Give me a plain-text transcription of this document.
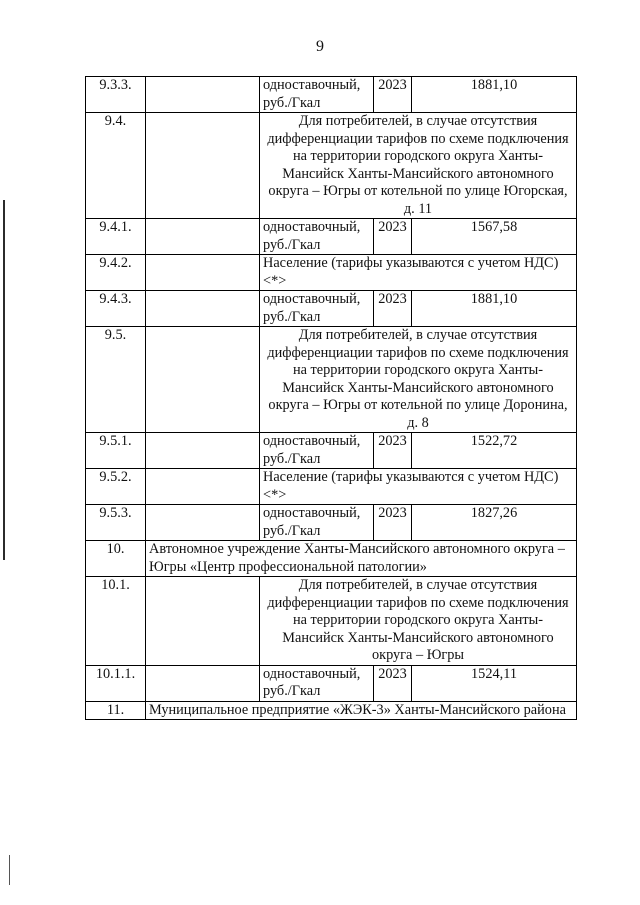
9
9.3.3.		одноставочный, руб./Гкал	2023	1881,10
9.4.		Для потребителей, в случае отсутствия дифференциации тарифов по схеме подключения на территории городского округа Ханты-Мансийск Ханты-Мансийского автономного округа – Югры от котельной по улице Югорская, д. 11		
9.4.1.		одноставочный, руб./Гкал	2023	1567,58
9.4.2.		Население (тарифы указываются с учетом НДС) <*>		
9.4.3.		одноставочный, руб./Гкал	2023	1881,10
9.5.		Для потребителей, в случае отсутствия дифференциации тарифов по схеме подключения на территории городского округа Ханты-Мансийск Ханты-Мансийского автономного округа – Югры от котельной по улице Доронина, д. 8		
9.5.1.		одноставочный, руб./Гкал	2023	1522,72
9.5.2.		Население (тарифы указываются с учетом НДС) <*>		
9.5.3.		одноставочный, руб./Гкал	2023	1827,26
10.	Автономное учреждение Ханты-Мансийского автономного округа – Югры «Центр профессиональной патологии»			
10.1.		Для потребителей, в случае отсутствия дифференциации тарифов по схеме подключения на территории городского округа Ханты-Мансийск Ханты-Мансийского автономного округа – Югры		
10.1.1.		одноставочный, руб./Гкал	2023	1524,11
11.	Муниципальное предприятие «ЖЭК-3» Ханты-Мансийского района			
